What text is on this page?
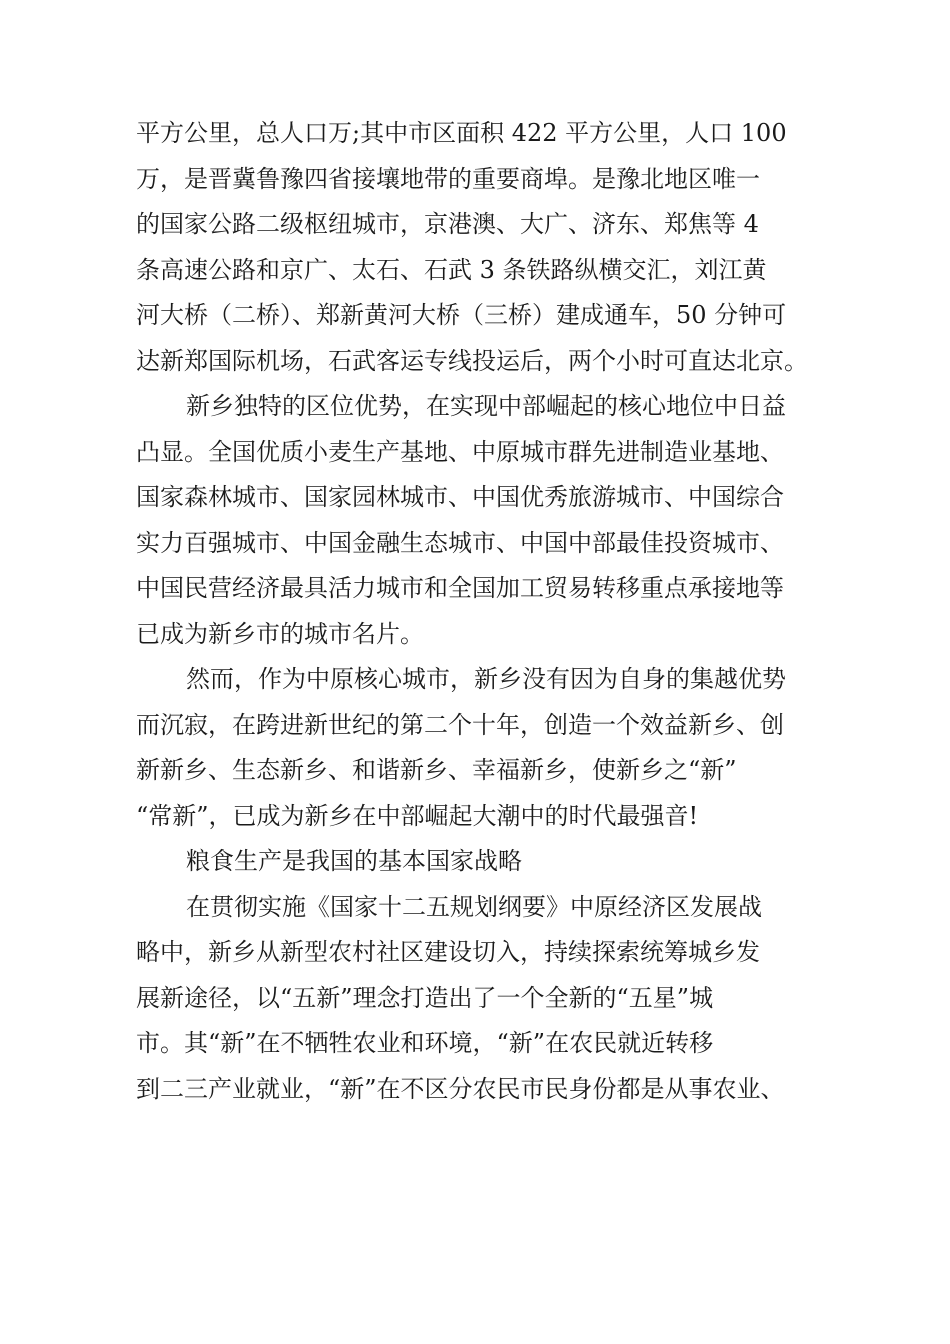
平方公里，总人口万;其中市区面积 422 平方公里，人口 100
万，是晋冀鲁豫四省接壤地带的重要商埠。是豫北地区唯一
的国家公路二级枢纽城市，京港澳、大广、济东、郑焦等 4
条高速公路和京广、太石、石武 3 条铁路纵横交汇，刘江黄
河大桥（二桥）、郑新黄河大桥（三桥）建成通车，50 分钟可
达新郑国际机场，石武客运专线投运后，两个小时可直达北京。
新乡独特的区位优势，在实现中部崛起的核心地位中日益
凸显。全国优质小麦生产基地、中原城市群先进制造业基地、
国家森林城市、国家园林城市、中国优秀旅游城市、中国综合
实力百强城市、中国金融生态城市、中国中部最佳投资城市、
中国民营经济最具活力城市和全国加工贸易转移重点承接地等
已成为新乡市的城市名片。
然而，作为中原核心城市，新乡没有因为自身的集越优势
而沉寂，在跨进新世纪的第二个十年，创造一个效益新乡、创
新新乡、生态新乡、和谐新乡、幸福新乡，使新乡之“新”
“常新”，已成为新乡在中部崛起大潮中的时代最强音!
粮食生产是我国的基本国家战略
在贯彻实施《国家十二五规划纲要》中原经济区发展战
略中，新乡从新型农村社区建设切入，持续探索统筹城乡发
展新途径，以“五新”理念打造出了一个全新的“五星”城
市。其“新”在不牺牲农业和环境，“新”在农民就近转移
到二三产业就业，“新”在不区分农民市民身份都是从事农业、
